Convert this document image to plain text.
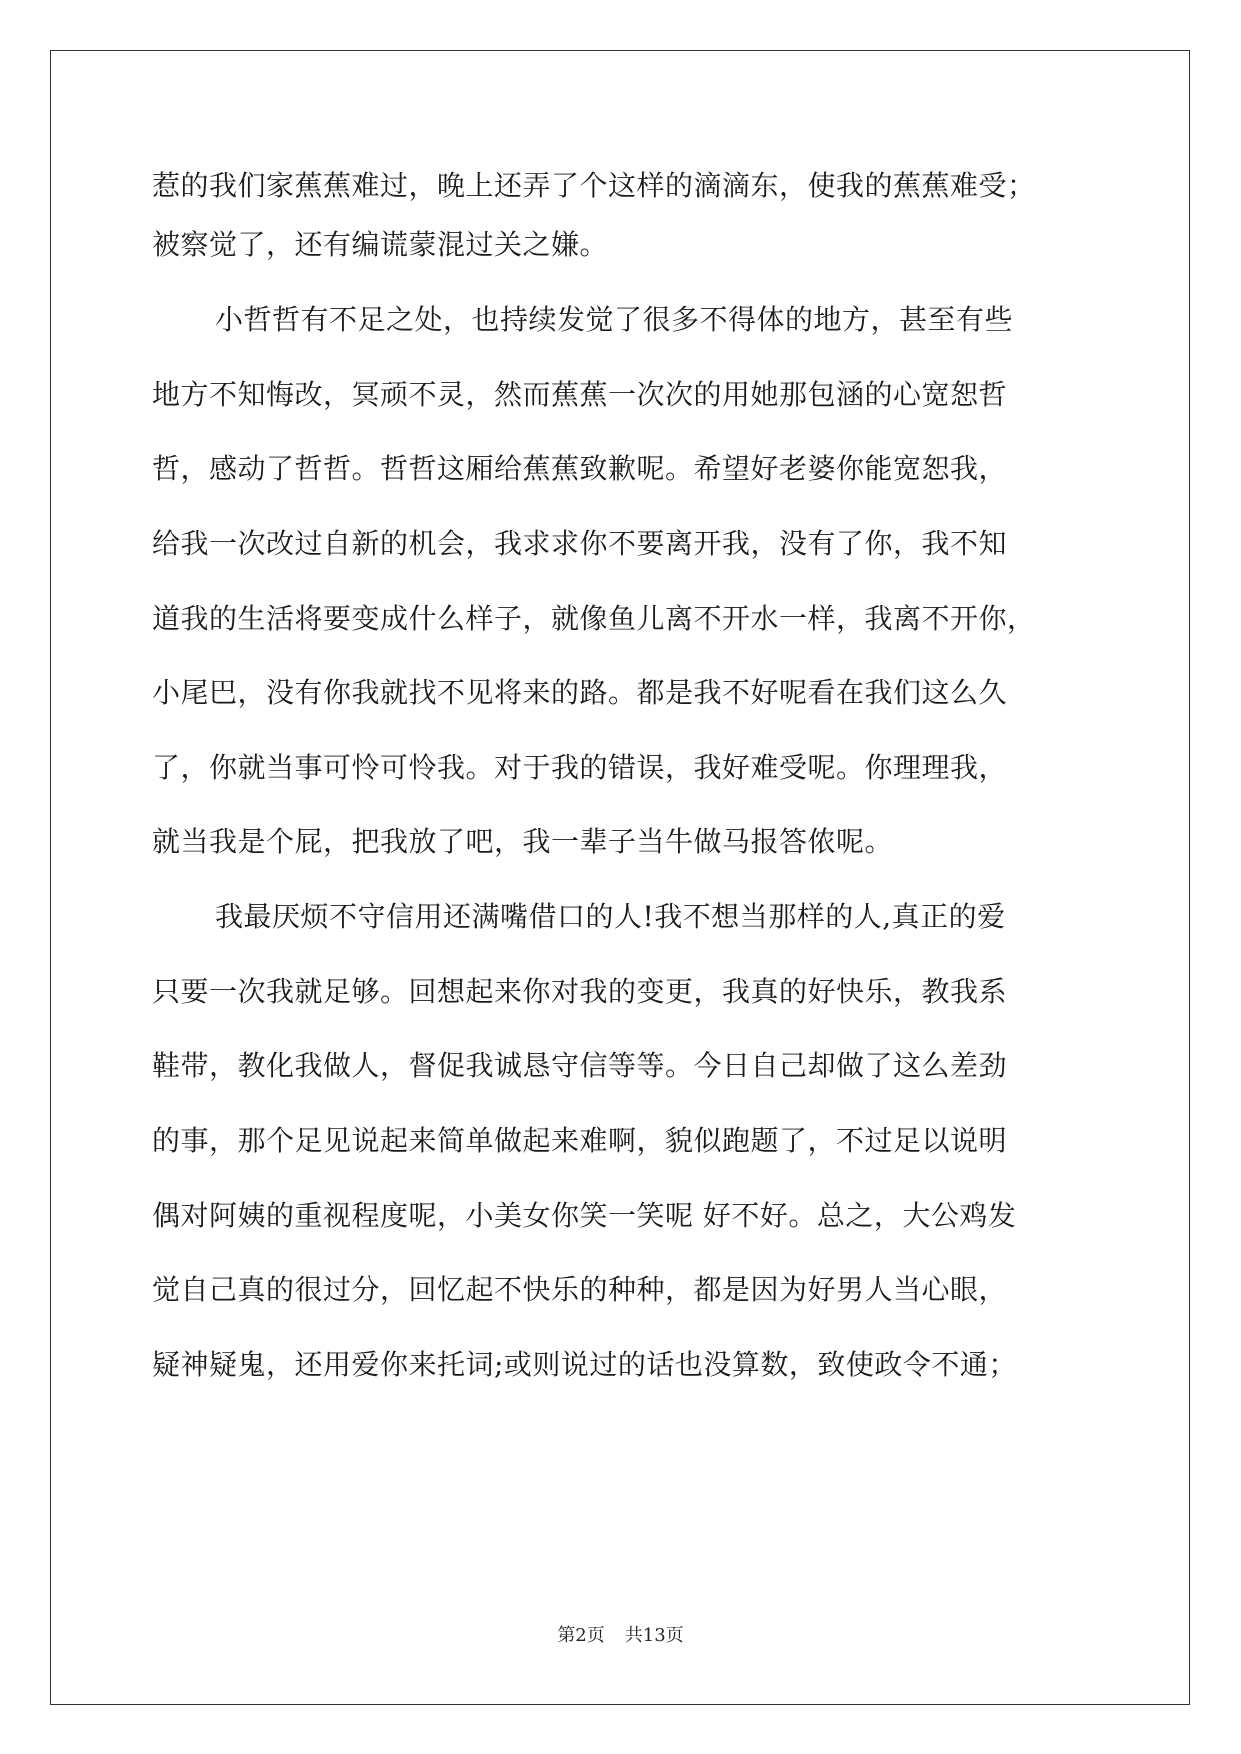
惹的我们家蕉蕉难过，晚上还弄了个这样的滴滴东，使我的蕉蕉难受；
被察觉了，还有编谎蒙混过关之嫌。
小哲哲有不足之处，也持续发觉了很多不得体的地方，甚至有些
地方不知悔改，冥顽不灵，然而蕉蕉一次次的用她那包涵的心宽恕哲
哲，感动了哲哲。哲哲这厢给蕉蕉致歉呢。希望好老婆你能宽恕我，
给我一次改过自新的机会，我求求你不要离开我，没有了你，我不知
道我的生活将要变成什么样子，就像鱼儿离不开水一样，我离不开你，
小尾巴，没有你我就找不见将来的路。都是我不好呢看在我们这么久
了，你就当事可怜可怜我。对于我的错误，我好难受呢。你理理我，
就当我是个屁，把我放了吧，我一辈子当牛做马报答侬呢。
我最厌烦不守信用还满嘴借口的人!我不想当那样的人,真正的爱
只要一次我就足够。回想起来你对我的变更，我真的好快乐，教我系
鞋带，教化我做人，督促我诚恳守信等等。今日自己却做了这么差劲
的事，那个足见说起来简单做起来难啊，貌似跑题了，不过足以说明
偶对阿姨的重视程度呢，小美女你笑一笑呢 好不好。总之，大公鸡发
觉自己真的很过分，回忆起不快乐的种种，都是因为好男人当心眼，
疑神疑鬼，还用爱你来托词;或则说过的话也没算数，致使政令不通；
第2页 共13页
